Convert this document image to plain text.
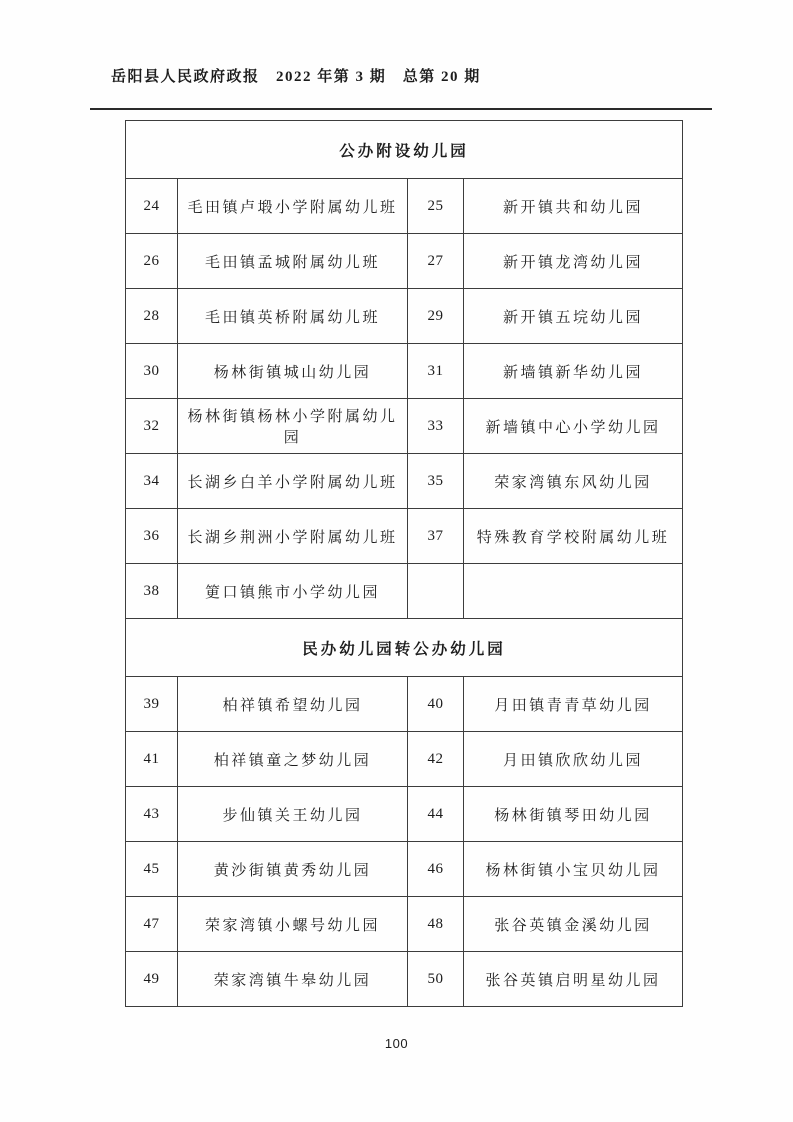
岳阳县人民政府政报　2022 年第 3 期　总第 20 期

公办附设幼儿园			
24	毛田镇卢塅小学附属幼儿班	25	新开镇共和幼儿园
26	毛田镇孟城附属幼儿班	27	新开镇龙湾幼儿园
28	毛田镇英桥附属幼儿班	29	新开镇五垸幼儿园
30	杨林街镇城山幼儿园	31	新墙镇新华幼儿园
32	杨林街镇杨林小学附属幼儿园	33	新墙镇中心小学幼儿园
34	长湖乡白羊小学附属幼儿班	35	荣家湾镇东风幼儿园
36	长湖乡荆洲小学附属幼儿班	37	特殊教育学校附属幼儿班
38	筻口镇熊市小学幼儿园		
民办幼儿园转公办幼儿园			
39	柏祥镇希望幼儿园	40	月田镇青青草幼儿园
41	柏祥镇童之梦幼儿园	42	月田镇欣欣幼儿园
43	步仙镇关王幼儿园	44	杨林街镇琴田幼儿园
45	黄沙街镇黄秀幼儿园	46	杨林街镇小宝贝幼儿园
47	荣家湾镇小螺号幼儿园	48	张谷英镇金溪幼儿园
49	荣家湾镇牛皋幼儿园	50	张谷英镇启明星幼儿园
100
